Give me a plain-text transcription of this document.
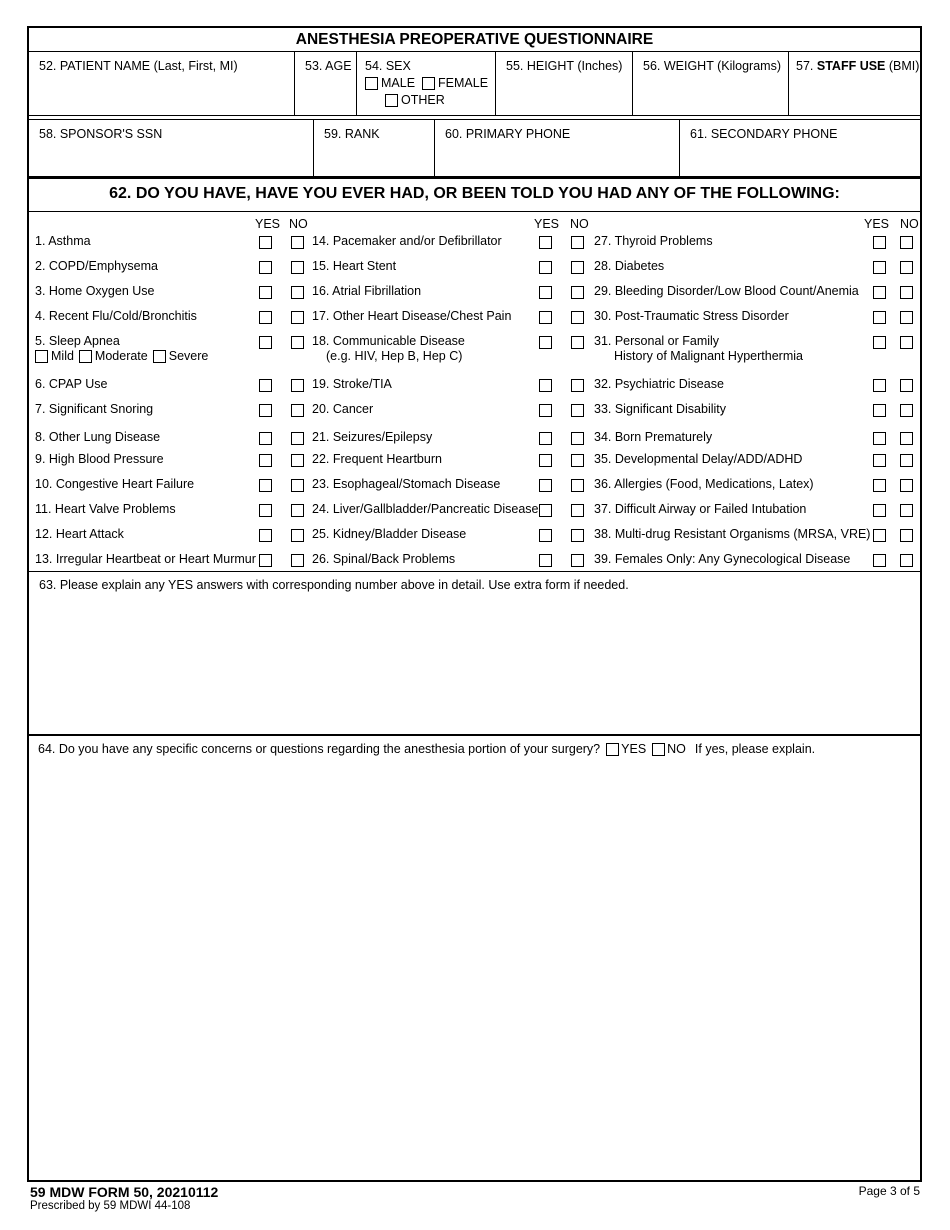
ANESTHESIA PREOPERATIVE QUESTIONNAIRE
52. PATIENT NAME (Last, First, MI)	53. AGE	54. SEX
MALE FEMALE
OTHER
55. HEIGHT (Inches)	56. WEIGHT (Kilograms)	57. STAFF USE (BMI)
58. SPONSOR'S SSN	59. RANK	60. PRIMARY PHONE	61. SECONDARY PHONE
62. DO YOU HAVE, HAVE YOU EVER HAD, OR BEEN TOLD YOU HAD ANY OF THE FOLLOWING:
YES NO	YES NO	YES NO
1. Asthma
2. COPD/Emphysema
3. Home Oxygen Use
4. Recent Flu/Cold/Bronchitis
5. Sleep Apnea
Mild Moderate Severe
6. CPAP Use
7. Significant Snoring
8. Other Lung Disease
9. High Blood Pressure
10. Congestive Heart Failure
11. Heart Valve Problems
12. Heart Attack
13. Irregular Heartbeat or Heart Murmur
14. Pacemaker and/or Defibrillator
15. Heart Stent
16. Atrial Fibrillation
17. Other Heart Disease/Chest Pain
18. Communicable Disease
(e.g. HIV, Hep B, Hep C)
19. Stroke/TIA
20. Cancer
21. Seizures/Epilepsy
22. Frequent Heartburn
23. Esophageal/Stomach Disease
24. Liver/Gallbladder/Pancreatic Disease
25. Kidney/Bladder Disease
26. Spinal/Back Problems
27. Thyroid Problems
28. Diabetes
29. Bleeding Disorder/Low Blood Count/Anemia
30. Post-Traumatic Stress Disorder
31. Personal or Family
History of Malignant Hyperthermia
32. Psychiatric Disease
33. Significant Disability
34. Born Prematurely
35. Developmental Delay/ADD/ADHD
36. Allergies (Food, Medications, Latex)
37. Difficult Airway or Failed Intubation
38. Multi-drug Resistant Organisms (MRSA, VRE)
39. Females Only: Any Gynecological Disease
63. Please explain any YES answers with corresponding number above in detail. Use extra form if needed.
64. Do you have any specific concerns or questions regarding the anesthesia portion of your surgery? YES NO If yes, please explain.
59 MDW FORM 50, 20210112
Prescribed by 59 MDWI 44-108
Page 3 of 5
